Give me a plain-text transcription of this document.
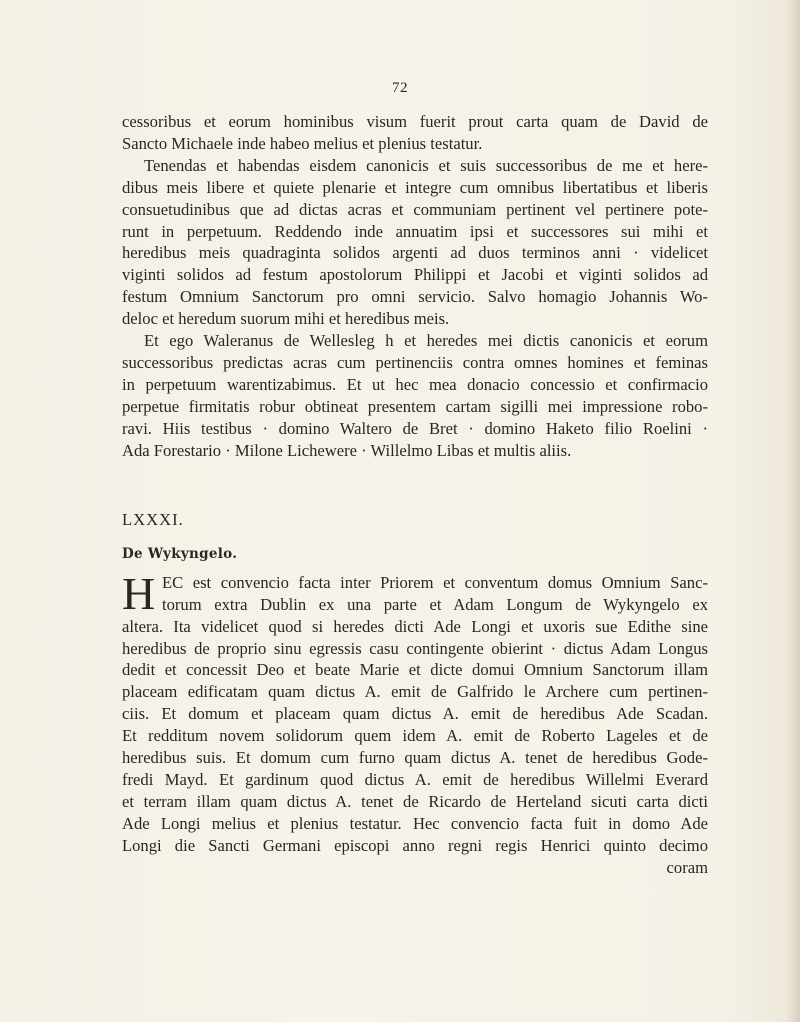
72

cessoribus et eorum hominibus visum fuerit prout carta quam de David de
Sancto Michaele inde habeo melius et plenius testatur.

Tenendas et habendas eisdem canonicis et suis successoribus de me et here-
dibus meis libere et quiete plenarie et integre cum omnibus libertatibus et liberis
consuetudinibus que ad dictas acras et communiam pertinent vel pertinere pote-
runt in perpetuum. Reddendo inde annuatim ipsi et successores sui mihi et
heredibus meis quadraginta solidos argenti ad duos terminos anni · videlicet
viginti solidos ad festum apostolorum Philippi et Jacobi et viginti solidos ad
festum Omnium Sanctorum pro omni servicio. Salvo homagio Johannis Wo-
deloc et heredum suorum mihi et heredibus meis.

Et ego Waleranus de Wellesleg h et heredes mei dictis canonicis et eorum
successoribus predictas acras cum pertinenciis contra omnes homines et feminas
in perpetuum warentizabimus. Et ut hec mea donacio concessio et confirmacio
perpetue firmitatis robur obtineat presentem cartam sigilli mei impressione robo-
ravi. Hiis testibus · domino Waltero de Bret · domino Haketo filio Roelini ·
Ada Forestario · Milone Lichewere · Willelmo Libas et multis aliis.

LXXXI.
De Wykyngelo.
H EC est convencio facta inter Priorem et conventum domus Omnium Sanc-
torum extra Dublin ex una parte et Adam Longum de Wykyngelo ex
altera. Ita videlicet quod si heredes dicti Ade Longi et uxoris sue Edithe sine
heredibus de proprio sinu egressis casu contingente obierint · dictus Adam Longus
dedit et concessit Deo et beate Marie et dicte domui Omnium Sanctorum illam
placeam edificatam quam dictus A. emit de Galfrido le Archere cum pertinen-
ciis. Et domum et placeam quam dictus A. emit de heredibus Ade Scadan.
Et redditum novem solidorum quem idem A. emit de Roberto Lageles et de
heredibus suis. Et domum cum furno quam dictus A. tenet de heredibus Gode-
fredi Mayd. Et gardinum quod dictus A. emit de heredibus Willelmi Everard
et terram illam quam dictus A. tenet de Ricardo de Herteland sicuti carta dicti
Ade Longi melius et plenius testatur. Hec convencio facta fuit in domo Ade
Longi die Sancti Germani episcopi anno regni regis Henrici quinto decimo
coram
